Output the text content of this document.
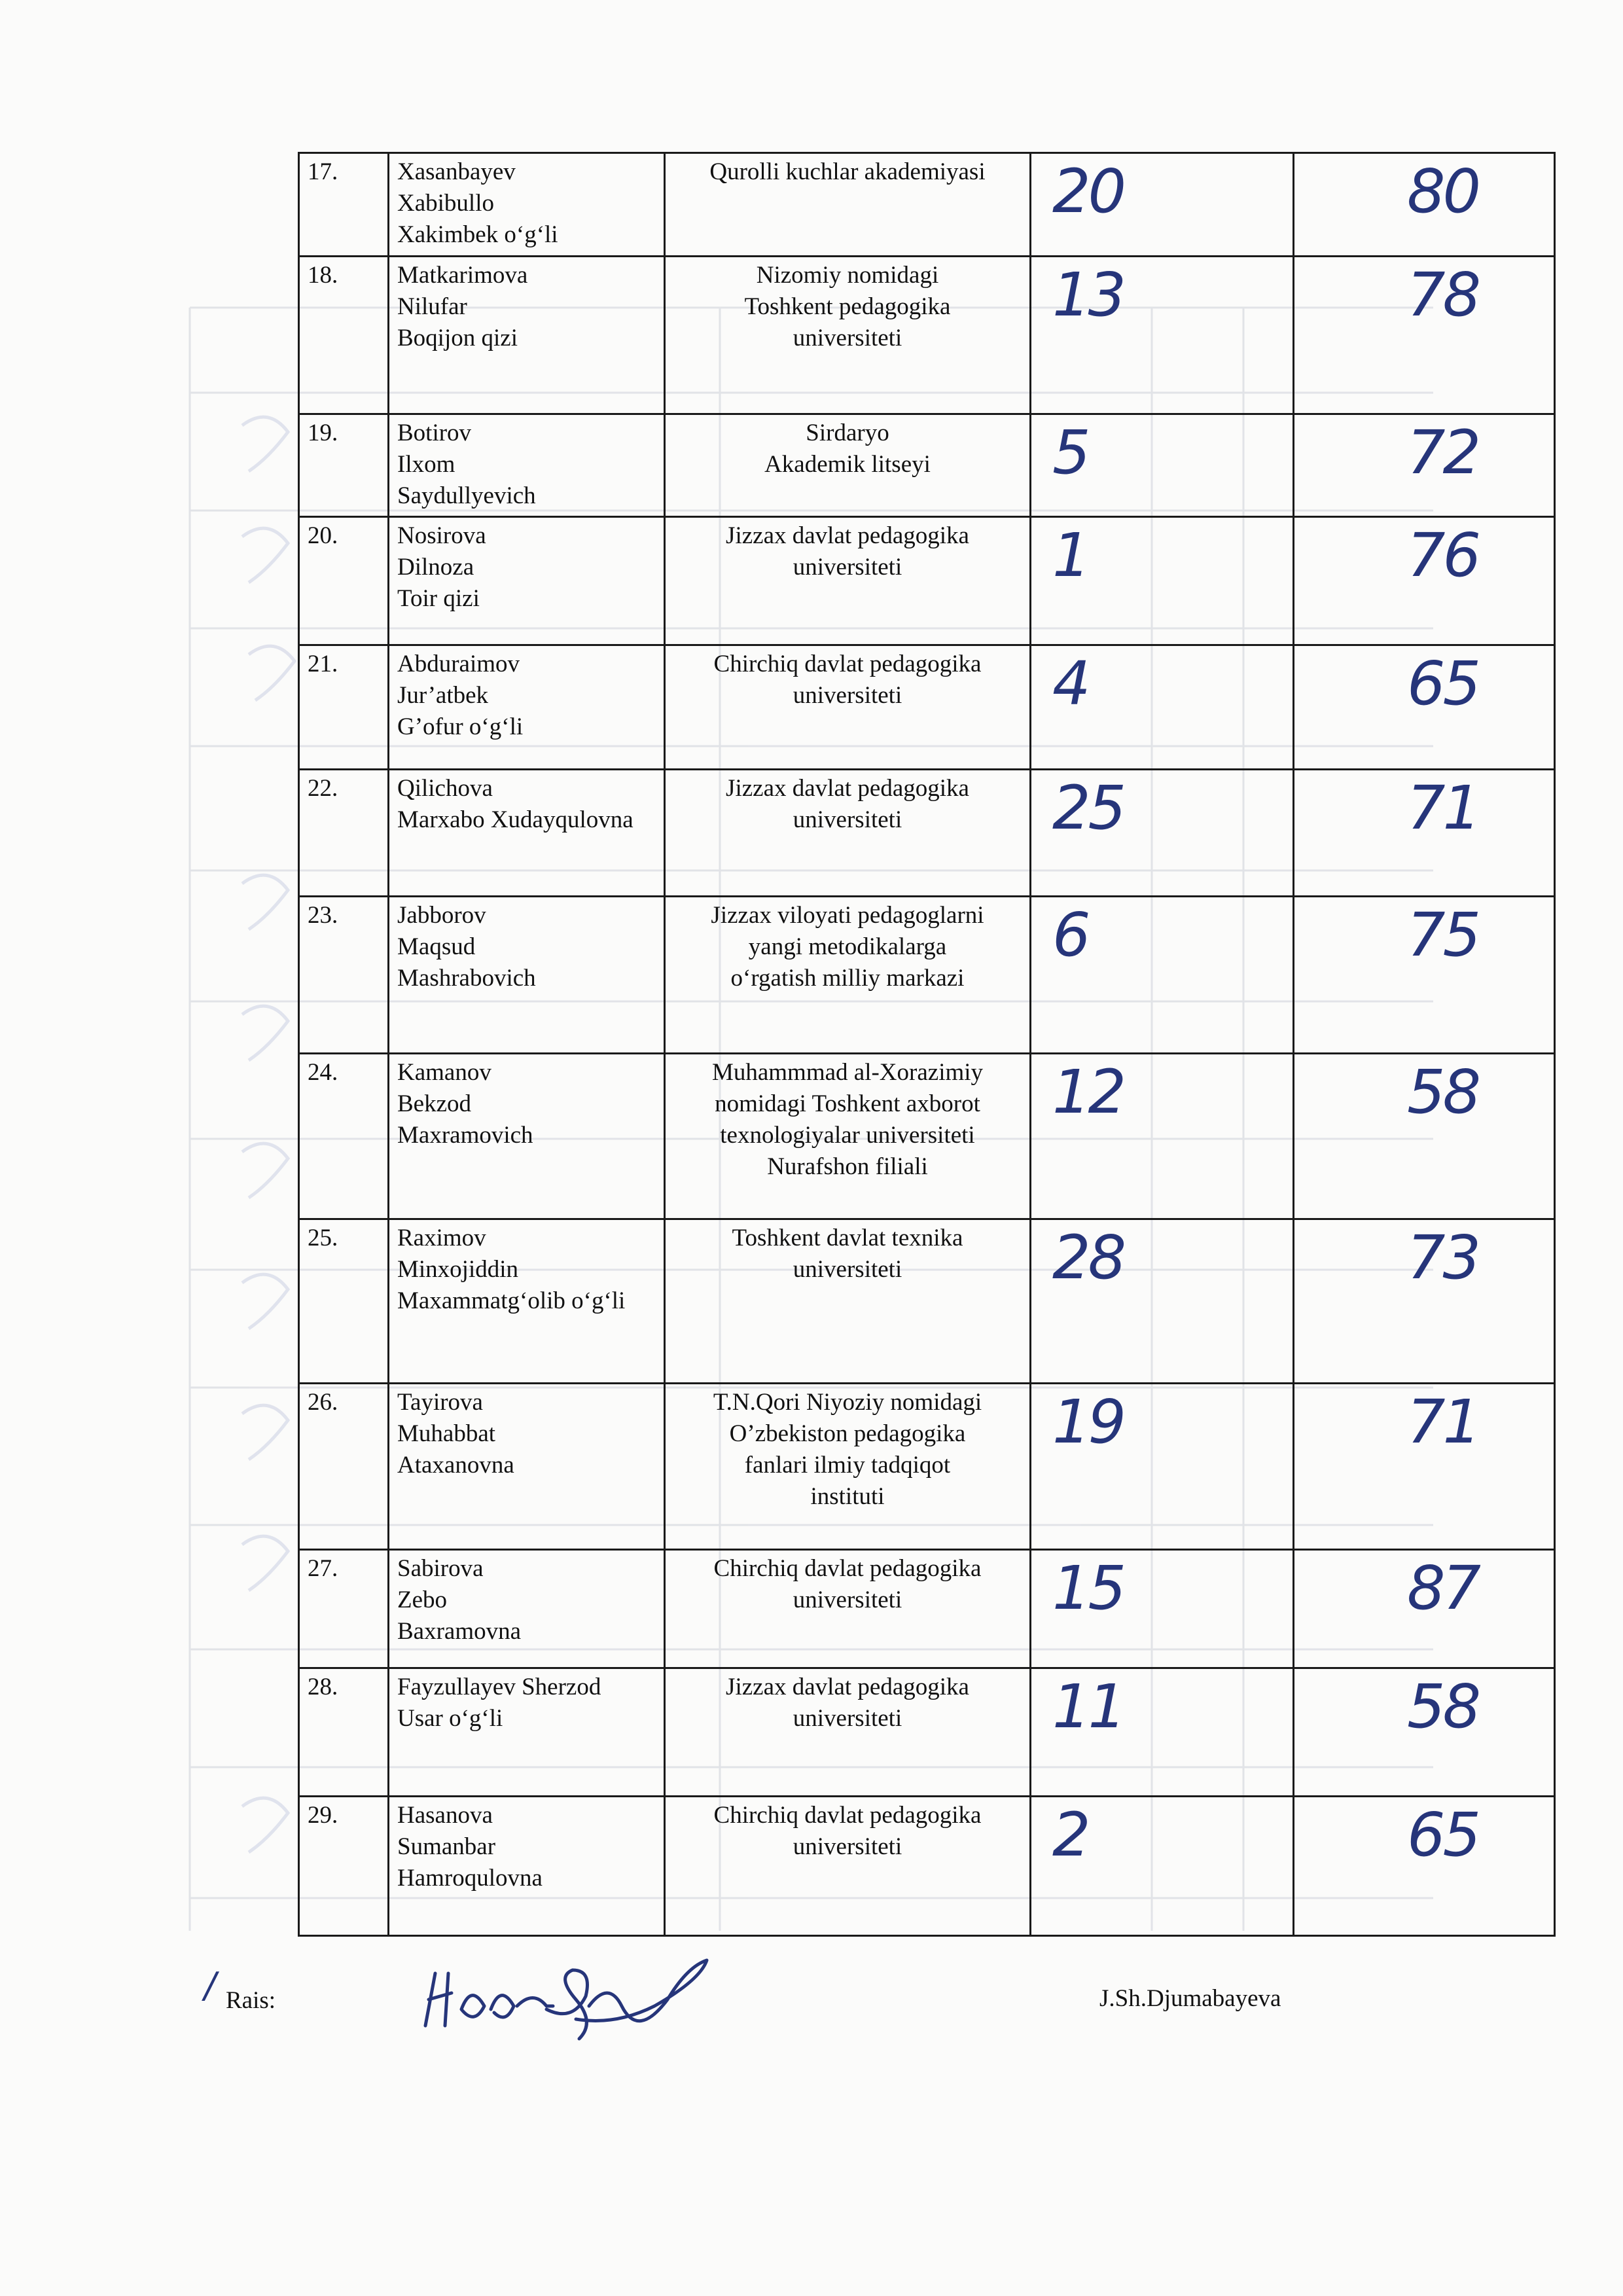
17.	Xasanbayev
Xabibullo
Xakimbek o‘g‘li	Qurolli kuchlar akademiyasi	20	80

18.	Matkarimova
Nilufar
Boqijon qizi	Nizomiy nomidagi
Toshkent pedagogika
universiteti	13	78

19.	Botirov
Ilxom
Saydullyevich	Sirdaryo
Akademik litseyi	5	72

20.	Nosirova
Dilnoza
Toir qizi	Jizzax davlat pedagogika
universiteti	1	76

21.	Abduraimov
Jur’atbek
G’ofur o‘g‘li	Chirchiq davlat pedagogika
universiteti	4	65

22.	Qilichova
Marxabo Xudayqulovna	Jizzax davlat pedagogika
universiteti	25	71

23.	Jabborov
Maqsud
Mashrabovich	Jizzax viloyati pedagoglarni
yangi metodikalarga
o‘rgatish milliy markazi	6	75

24.	Kamanov
Bekzod
Maxramovich	Muhammmad al-Xorazimiy
nomidagi Toshkent axborot
texnologiyalar universiteti
Nurafshon filiali	12	58

25.	Raximov
Minxojiddin
Maxammatg‘olib o‘g‘li	Toshkent davlat texnika
universiteti	28	73

26.	Tayirova
Muhabbat
Ataxanovna	T.N.Qori Niyoziy nomidagi
O’zbekiston pedagogika
fanlari ilmiy tadqiqot
instituti	19	71

27.	Sabirova
Zebo
Baxramovna	Chirchiq davlat pedagogika
universiteti	15	87

28.	Fayzullayev Sherzod
Usar o‘g‘li	Jizzax davlat pedagogika
universiteti	11	58

29.	Hasanova
Sumanbar
Hamroqulovna	Chirchiq davlat pedagogika
universiteti	2	65
/ Rais:	J.Sh.Djumabayeva
